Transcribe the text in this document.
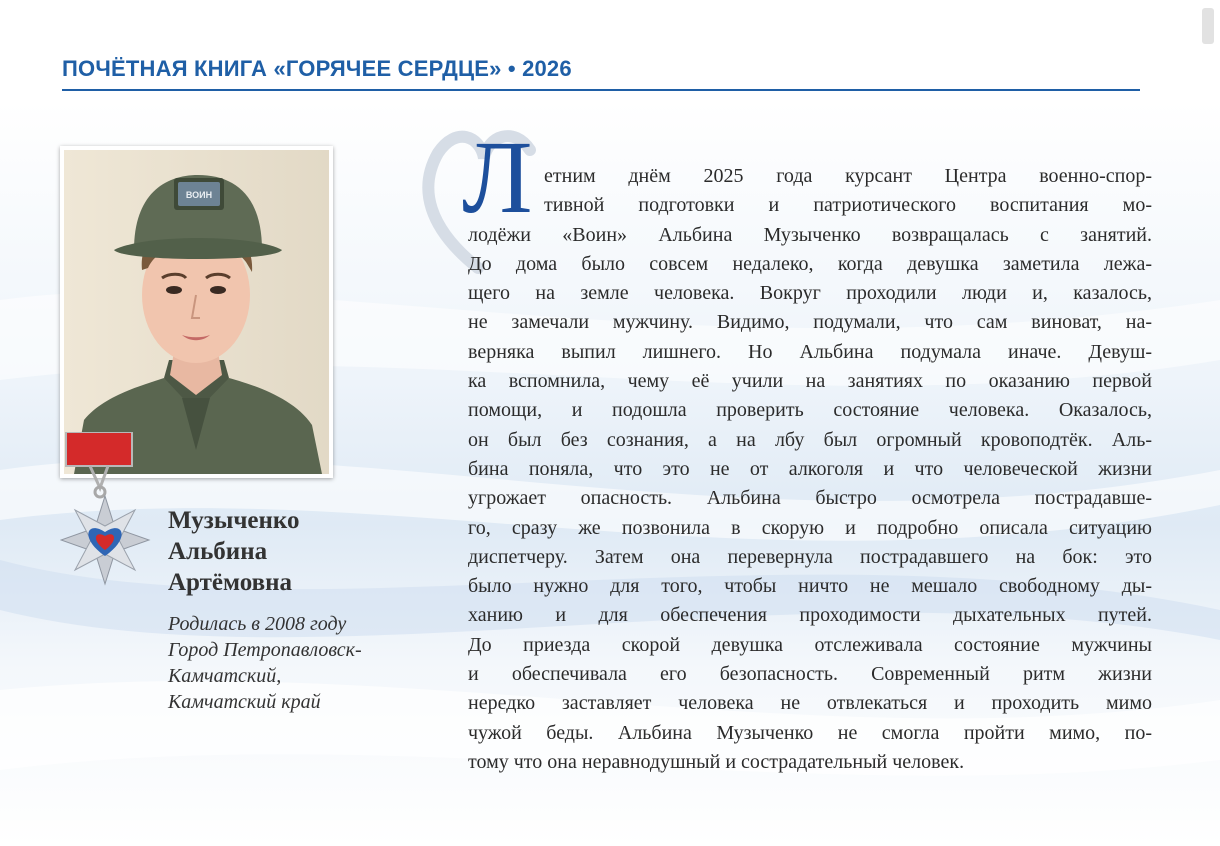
ПОЧЁТНАЯ КНИГА «ГОРЯЧЕЕ СЕРДЦЕ» • 2026
ВОИН
Музыченко
Альбина
Артёмовна
Родилась в 2008 году
Город Петропавловск-
Камчатский,
Камчатский край
Л етним днём 2025 года курсант Центра военно-спор-
тивной подготовки и патриотического воспитания мо-
лодёжи «Воин» Альбина Музыченко возвращалась с занятий.
До дома было совсем недалеко, когда девушка заметила лежа-
щего на земле человека. Вокруг проходили люди и, казалось,
не замечали мужчину. Видимо, подумали, что сам виноват, на-
верняка выпил лишнего. Но Альбина подумала иначе. Девуш-
ка вспомнила, чему её учили на занятиях по оказанию первой
помощи, и подошла проверить состояние человека. Оказалось,
он был без сознания, а на лбу был огромный кровоподтёк. Аль-
бина поняла, что это не от алкоголя и что человеческой жизни
угрожает опасность. Альбина быстро осмотрела пострадавше-
го, сразу же позвонила в скорую и подробно описала ситуацию
диспетчеру. Затем она перевернула пострадавшего на бок: это
было нужно для того, чтобы ничто не мешало свободному ды-
ханию и для обеспечения проходимости дыхательных путей.
До приезда скорой девушка отслеживала состояние мужчины
и обеспечивала его безопасность. Современный ритм жизни
нередко заставляет человека не отвлекаться и проходить мимо
чужой беды. Альбина Музыченко не смогла пройти мимо, по-
тому что она неравнодушный и сострадательный человек.
